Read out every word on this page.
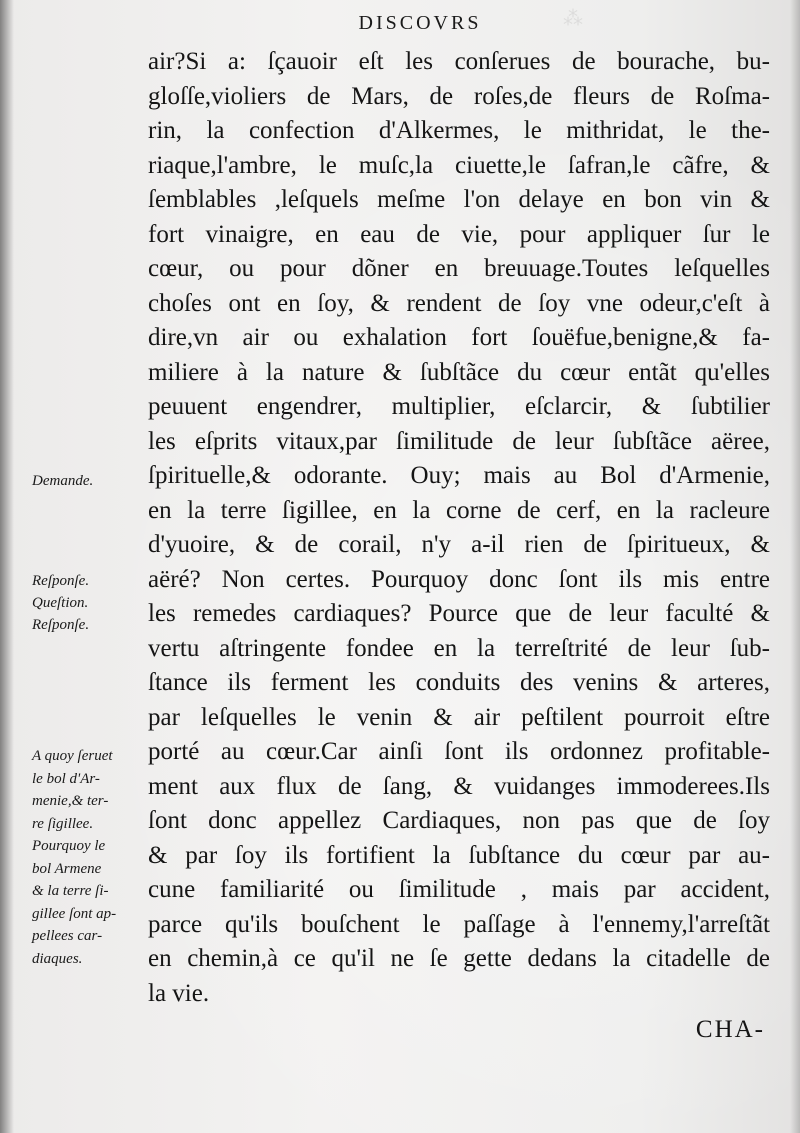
⁂
DISCOVRS
air?Si a: ſçauoir eſt les conſerues de bourache, bu-
gloſſe,violiers de Mars, de roſes,de fleurs de Roſma-
rin, la confection d'Alkermes, le mithridat, le the-
riaque,l'ambre, le muſc,la ciuette,le ſafran,le cãfre, &
ſemblables ,leſquels meſme l'on delaye en bon vin &
fort vinaigre, en eau de vie, pour appliquer ſur le
cœur, ou pour dõner en breuuage.Toutes leſquelles
choſes ont en ſoy, & rendent de ſoy vne odeur,c'eſt à
dire,vn air ou exhalation fort ſouëfue,benigne,& fa-
miliere à la nature & ſubſtãce du cœur entãt qu'elles
peuuent engendrer, multiplier, eſclarcir, & ſubtilier
les eſprits vitaux,par ſimilitude de leur ſubſtãce aëree,
ſpirituelle,& odorante. Ouy; mais au Bol d'Armenie,
en la terre ſigillee, en la corne de cerf, en la racleure
d'yuoire, & de corail, n'y a-il rien de ſpiritueux, &
aëré? Non certes. Pourquoy donc ſont ils mis entre
les remedes cardiaques? Pource que de leur faculté &
vertu aſtringente fondee en la terreſtrité de leur ſub-
ſtance ils ferment les conduits des venins & arteres,
par leſquelles le venin & air peſtilent pourroit eſtre
porté au cœur.Car ainſi ſont ils ordonnez profitable-
ment aux flux de ſang, & vuidanges immoderees.Ils
ſont donc appellez Cardiaques, non pas que de ſoy
& par ſoy ils fortifient la ſubſtance du cœur par au-
cune familiarité ou ſimilitude , mais par accident,
parce qu'ils bouſchent le paſſage à l'ennemy,l'arreſtãt
en chemin,à ce qu'il ne ſe gette dedans la citadelle de
la vie.
CHA-
Demande.
Reſponſe.
Queſtion.
Reſponſe.
A quoy ſeruet
le bol d'Ar-
menie,& ter-
re ſigillee.
Pourquoy le
bol Armene
& la terre ſi-
gillee ſont ap-
pellees car-
diaques.
